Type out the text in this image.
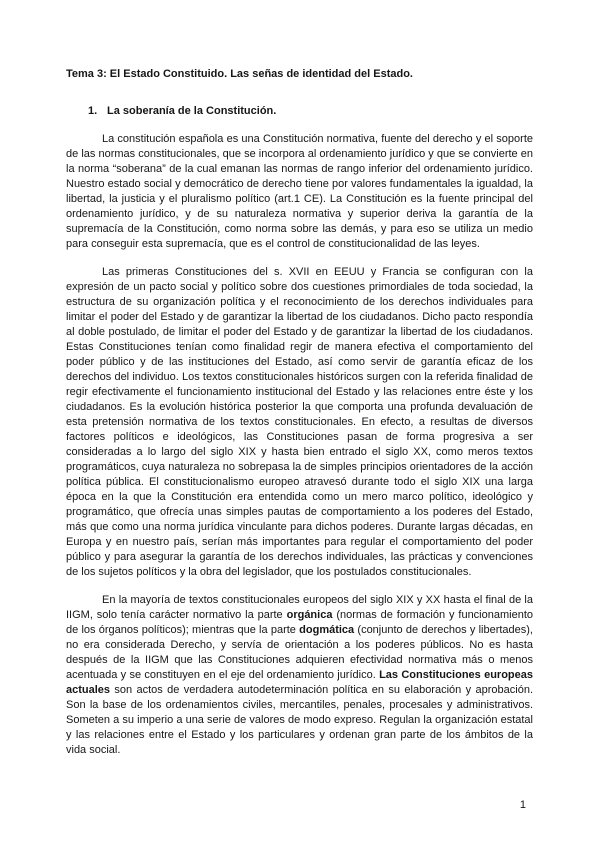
Tema 3: El Estado Constituido. Las señas de identidad del Estado.
1. La soberanía de la Constitución.

La constitución española es una Constitución normativa, fuente del derecho y el soporte de las normas constitucionales, que se incorpora al ordenamiento jurídico y que se convierte en la norma “soberana” de la cual emanan las normas de rango inferior del ordenamiento jurídico. Nuestro estado social y democrático de derecho tiene por valores fundamentales la igualdad, la libertad, la justicia y el pluralismo político (art.1 CE). La Constitución es la fuente principal del ordenamiento jurídico, y de su naturaleza normativa y superior deriva la garantía de la supremacía de la Constitución, como norma sobre las demás, y para eso se utiliza un medio para conseguir esta supremacía, que es el control de constitucionalidad de las leyes.

Las primeras Constituciones del s. XVII en EEUU y Francia se configuran con la expresión de un pacto social y político sobre dos cuestiones primordiales de toda sociedad, la estructura de su organización política y el reconocimiento de los derechos individuales para limitar el poder del Estado y de garantizar la libertad de los ciudadanos. Dicho pacto respondía al doble postulado, de limitar el poder del Estado y de garantizar la libertad de los ciudadanos. Estas Constituciones tenían como finalidad regir de manera efectiva el comportamiento del poder público y de las instituciones del Estado, así como servir de garantía eficaz de los derechos del individuo. Los textos constitucionales históricos surgen con la referida finalidad de regir efectivamente el funcionamiento institucional del Estado y las relaciones entre éste y los ciudadanos. Es la evolución histórica posterior la que comporta una profunda devaluación de esta pretensión normativa de los textos constitucionales. En efecto, a resultas de diversos factores políticos e ideológicos, las Constituciones pasan de forma progresiva a ser consideradas a lo largo del siglo XIX y hasta bien entrado el siglo XX, como meros textos programáticos, cuya naturaleza no sobrepasa la de simples principios orientadores de la acción política pública. El constitucionalismo europeo atravesó durante todo el siglo XIX una larga época en la que la Constitución era entendida como un mero marco político, ideológico y programático, que ofrecía unas simples pautas de comportamiento a los poderes del Estado, más que como una norma jurídica vinculante para dichos poderes. Durante largas décadas, en Europa y en nuestro país, serían más importantes para regular el comportamiento del poder público y para asegurar la garantía de los derechos individuales, las prácticas y convenciones de los sujetos políticos y la obra del legislador, que los postulados constitucionales.

En la mayoría de textos constitucionales europeos del siglo XIX y XX hasta el final de la IIGM, solo tenía carácter normativo la parte orgánica (normas de formación y funcionamiento de los órganos políticos); mientras que la parte dogmática (conjunto de derechos y libertades), no era considerada Derecho, y servía de orientación a los poderes públicos. No es hasta después de la IIGM que las Constituciones adquieren efectividad normativa más o menos acentuada y se constituyen en el eje del ordenamiento jurídico. Las Constituciones europeas actuales son actos de verdadera autodeterminación política en su elaboración y aprobación. Son la base de los ordenamientos civiles, mercantiles, penales, procesales y administrativos. Someten a su imperio a una serie de valores de modo expreso. Regulan la organización estatal y las relaciones entre el Estado y los particulares y ordenan gran parte de los ámbitos de la vida social.

1
